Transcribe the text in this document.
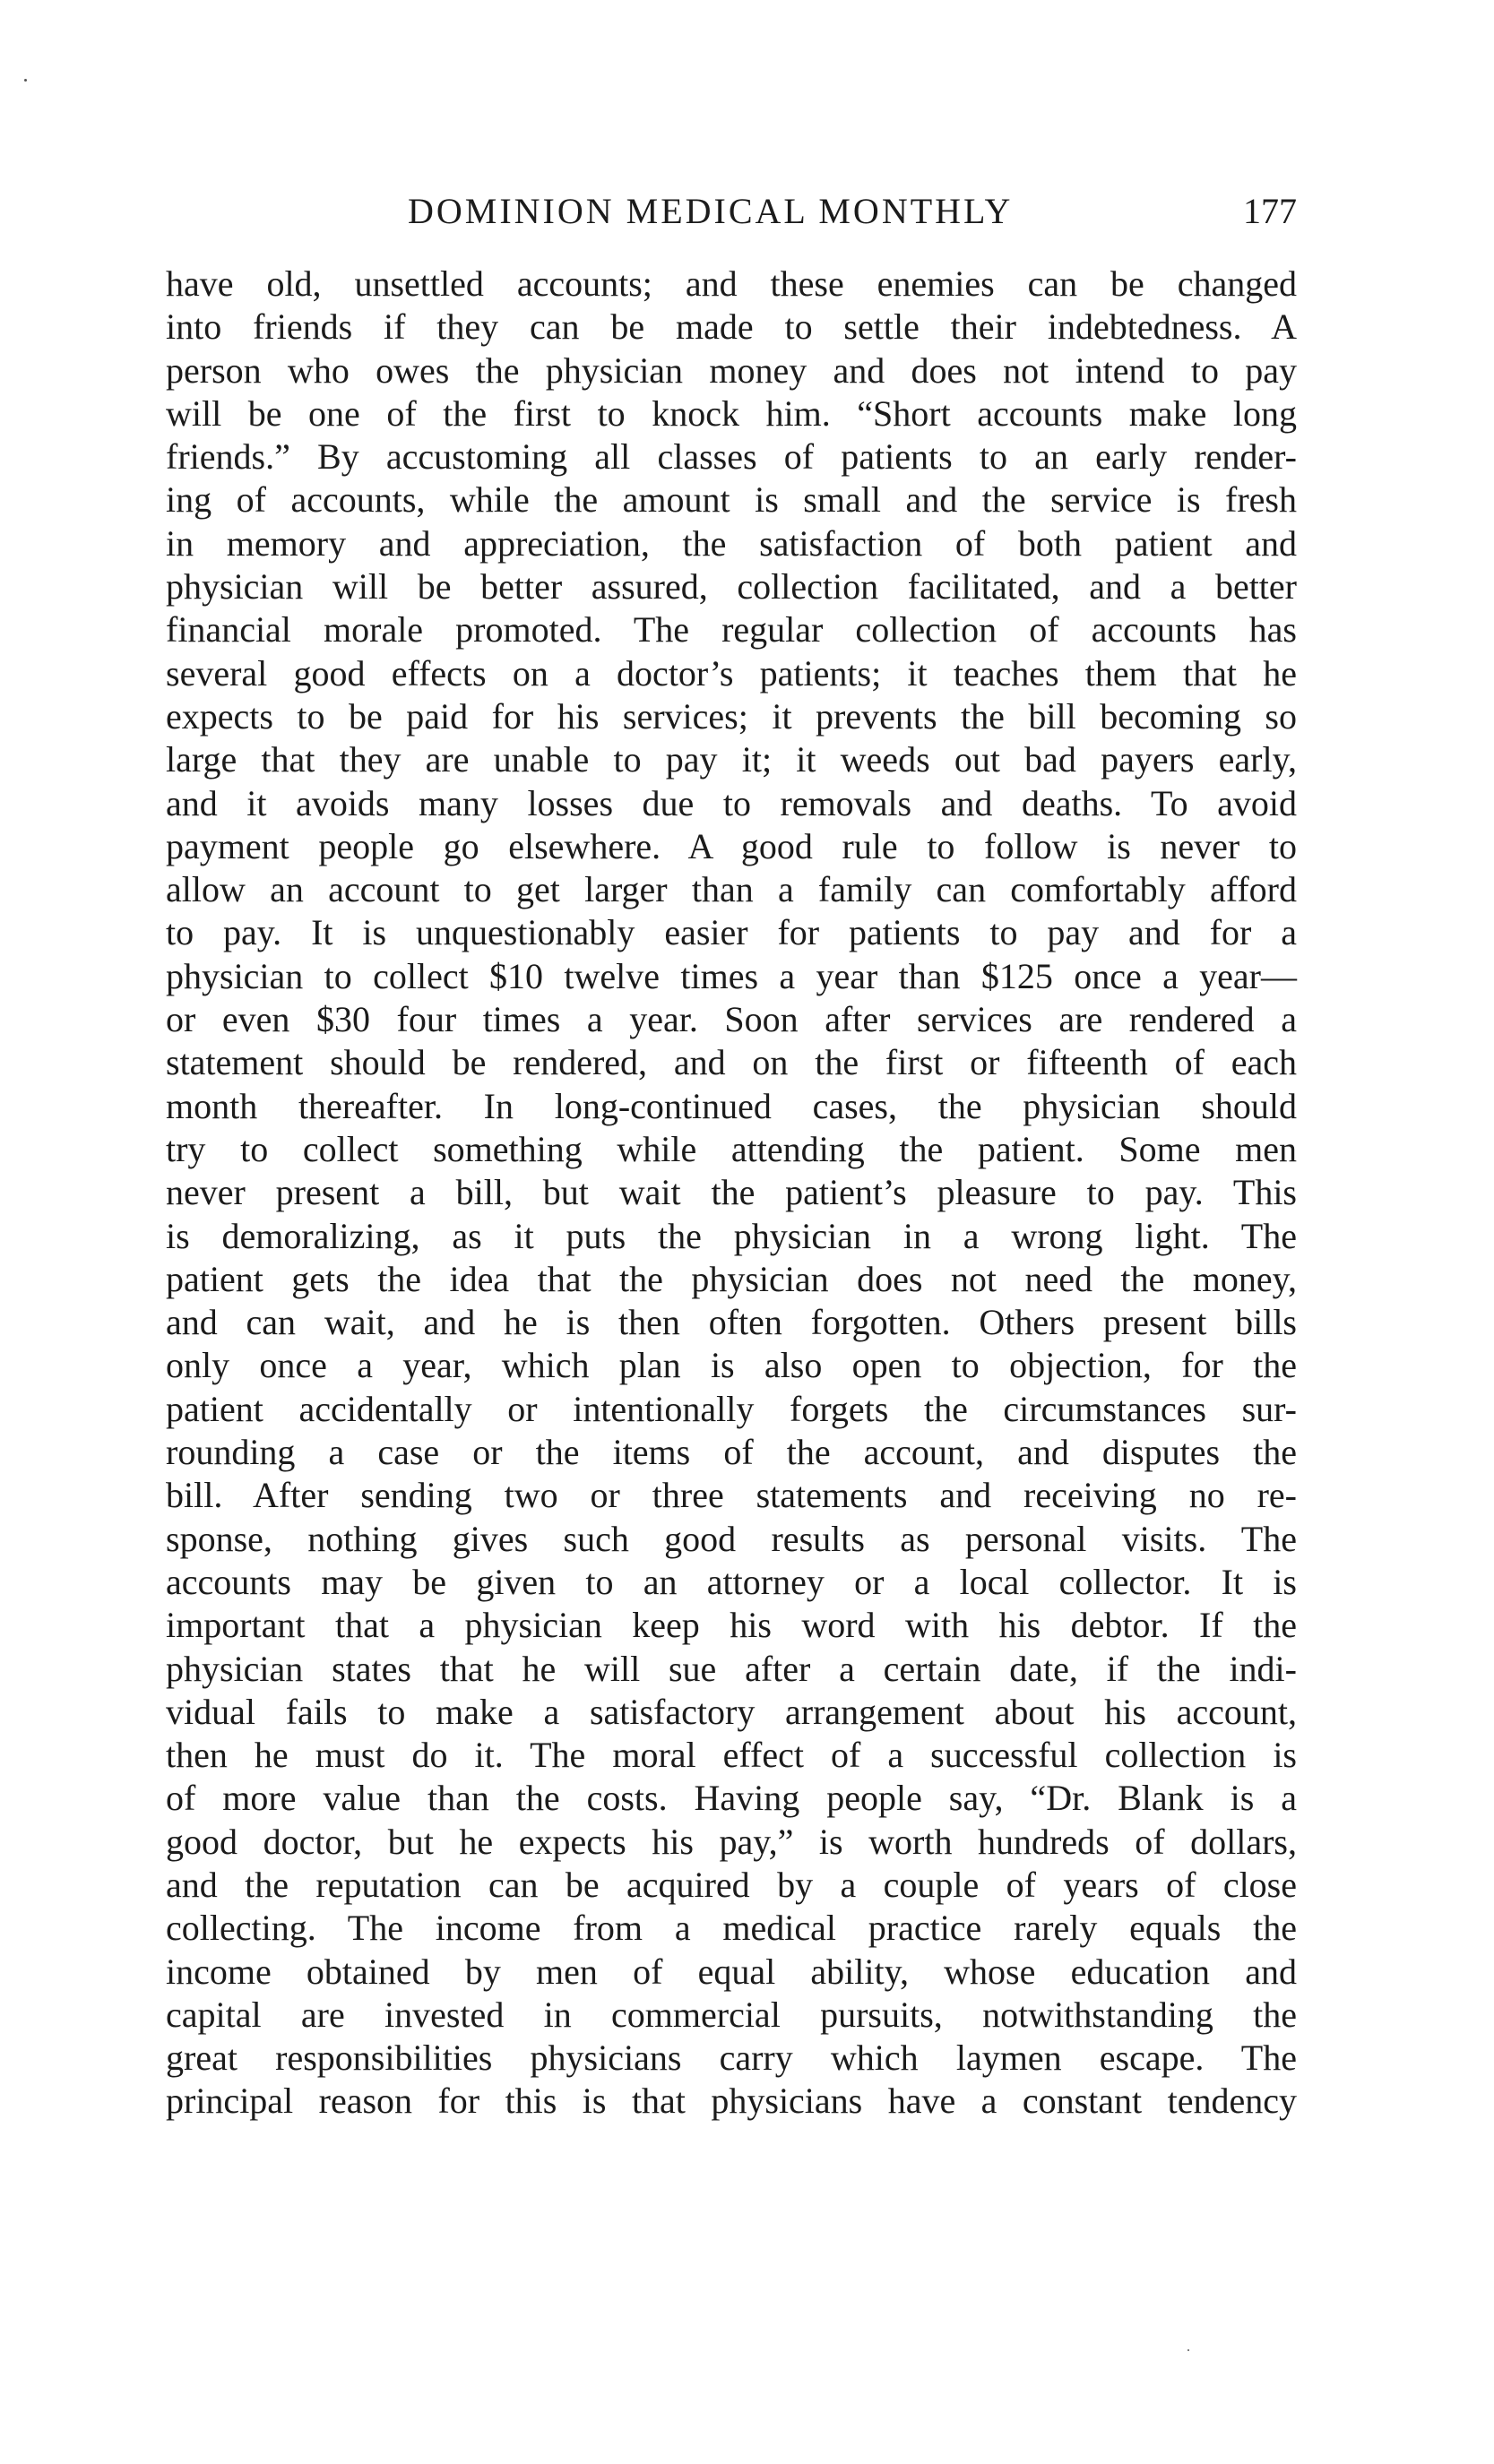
DOMINION MEDICAL MONTHLY	177
have old, unsettled accounts; and these enemies can be changed
into friends if they can be made to settle their indebtedness. A
person who owes the physician money and does not intend to pay
will be one of the first to knock him. “Short accounts make long
friends.” By accustoming all classes of patients to an early render-
ing of accounts, while the amount is small and the service is fresh
in memory and appreciation, the satisfaction of both patient and
physician will be better assured, collection facilitated, and a better
financial morale promoted. The regular collection of accounts has
several good effects on a doctor’s patients; it teaches them that he
expects to be paid for his services; it prevents the bill becoming so
large that they are unable to pay it; it weeds out bad payers early,
and it avoids many losses due to removals and deaths. To avoid
payment people go elsewhere. A good rule to follow is never to
allow an account to get larger than a family can comfortably afford
to pay. It is unquestionably easier for patients to pay and for a
physician to collect $10 twelve times a year than $125 once a year—
or even $30 four times a year. Soon after services are rendered a
statement should be rendered, and on the first or fifteenth of each
month thereafter. In long-continued cases, the physician should
try to collect something while attending the patient. Some men
never present a bill, but wait the patient’s pleasure to pay. This
is demoralizing, as it puts the physician in a wrong light. The
patient gets the idea that the physician does not need the money,
and can wait, and he is then often forgotten. Others present bills
only once a year, which plan is also open to objection, for the
patient accidentally or intentionally forgets the circumstances sur-
rounding a case or the items of the account, and disputes the
bill. After sending two or three statements and receiving no re-
sponse, nothing gives such good results as personal visits. The
accounts may be given to an attorney or a local collector. It is
important that a physician keep his word with his debtor. If the
physician states that he will sue after a certain date, if the indi-
vidual fails to make a satisfactory arrangement about his account,
then he must do it. The moral effect of a successful collection is
of more value than the costs. Having people say, “Dr. Blank is a
good doctor, but he expects his pay,” is worth hundreds of dollars,
and the reputation can be acquired by a couple of years of close
collecting. The income from a medical practice rarely equals the
income obtained by men of equal ability, whose education and
capital are invested in commercial pursuits, notwithstanding the
great responsibilities physicians carry which laymen escape. The
principal reason for this is that physicians have a constant tendency
